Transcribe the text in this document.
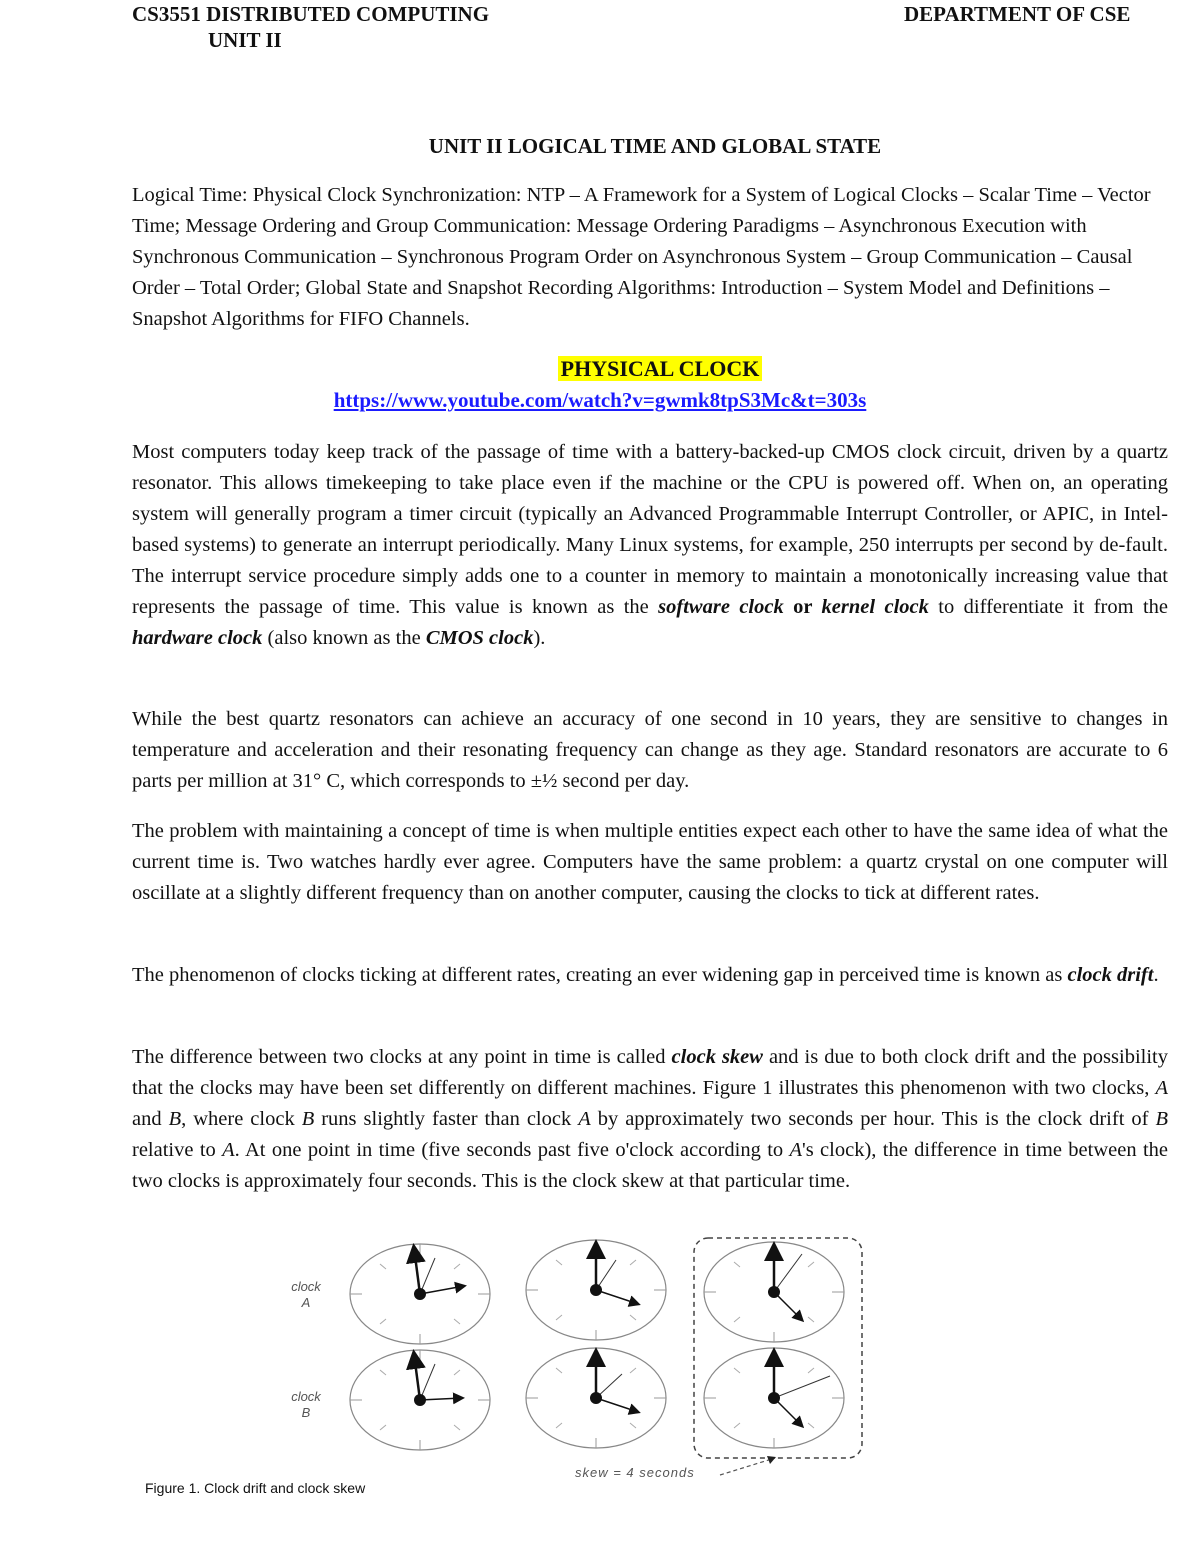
CS3551 DISTRIBUTED COMPUTING	DEPARTMENT OF CSE
UNIT II
UNIT II LOGICAL TIME AND GLOBAL STATE

Logical Time: Physical Clock Synchronization: NTP – A Framework for a System of Logical Clocks – Scalar Time – Vector Time; Message Ordering and Group Communication: Message Ordering Paradigms – Asynchronous Execution with Synchronous Communication – Synchronous Program Order on Asynchronous System – Group Communication – Causal Order – Total Order; Global State and Snapshot Recording Algorithms: Introduction – System Model and Definitions – Snapshot Algorithms for FIFO Channels.

PHYSICAL CLOCK
https://www.youtube.com/watch?v=gwmk8tpS3Mc&t=303s

Most computers today keep track of the passage of time with a battery-backed-up CMOS clock circuit, driven by a quartz resonator. This allows timekeeping to take place even if the machine or the CPU is powered off. When on, an operating system will generally program a timer circuit (typically an Advanced Programmable Interrupt Controller, or APIC, in Intel-based systems) to generate an interrupt periodically. Many Linux systems, for example, 250 interrupts per second by de-fault. The interrupt service procedure simply adds one to a counter in memory to maintain a monotonically increasing value that represents the passage of time. This value is known as the software clock or kernel clock to differentiate it from the hardware clock (also known as the CMOS clock).

While the best quartz resonators can achieve an accuracy of one second in 10 years, they are sensitive to changes in temperature and acceleration and their resonating frequency can change as they age. Standard resonators are accurate to 6 parts per million at 31° C, which corresponds to ±½ second per day.

The problem with maintaining a concept of time is when multiple entities expect each other to have the same idea of what the current time is. Two watches hardly ever agree. Computers have the same problem: a quartz crystal on one computer will oscillate at a slightly different frequency than on another computer, causing the clocks to tick at different rates.

The phenomenon of clocks ticking at different rates, creating an ever widening gap in perceived time is known as clock drift.

The difference between two clocks at any point in time is called clock skew and is due to both clock drift and the possibility that the clocks may have been set differently on different machines. Figure 1 illustrates this phenomenon with two clocks, A and B, where clock B runs slightly faster than clock A by approximately two seconds per hour. This is the clock drift of B relative to A. At one point in time (five seconds past five o'clock according to A's clock), the difference in time between the two clocks is approximately four seconds. This is the clock skew at that particular time.

clock
A
clock
B
skew = 4 seconds
Figure 1. Clock drift and clock skew
